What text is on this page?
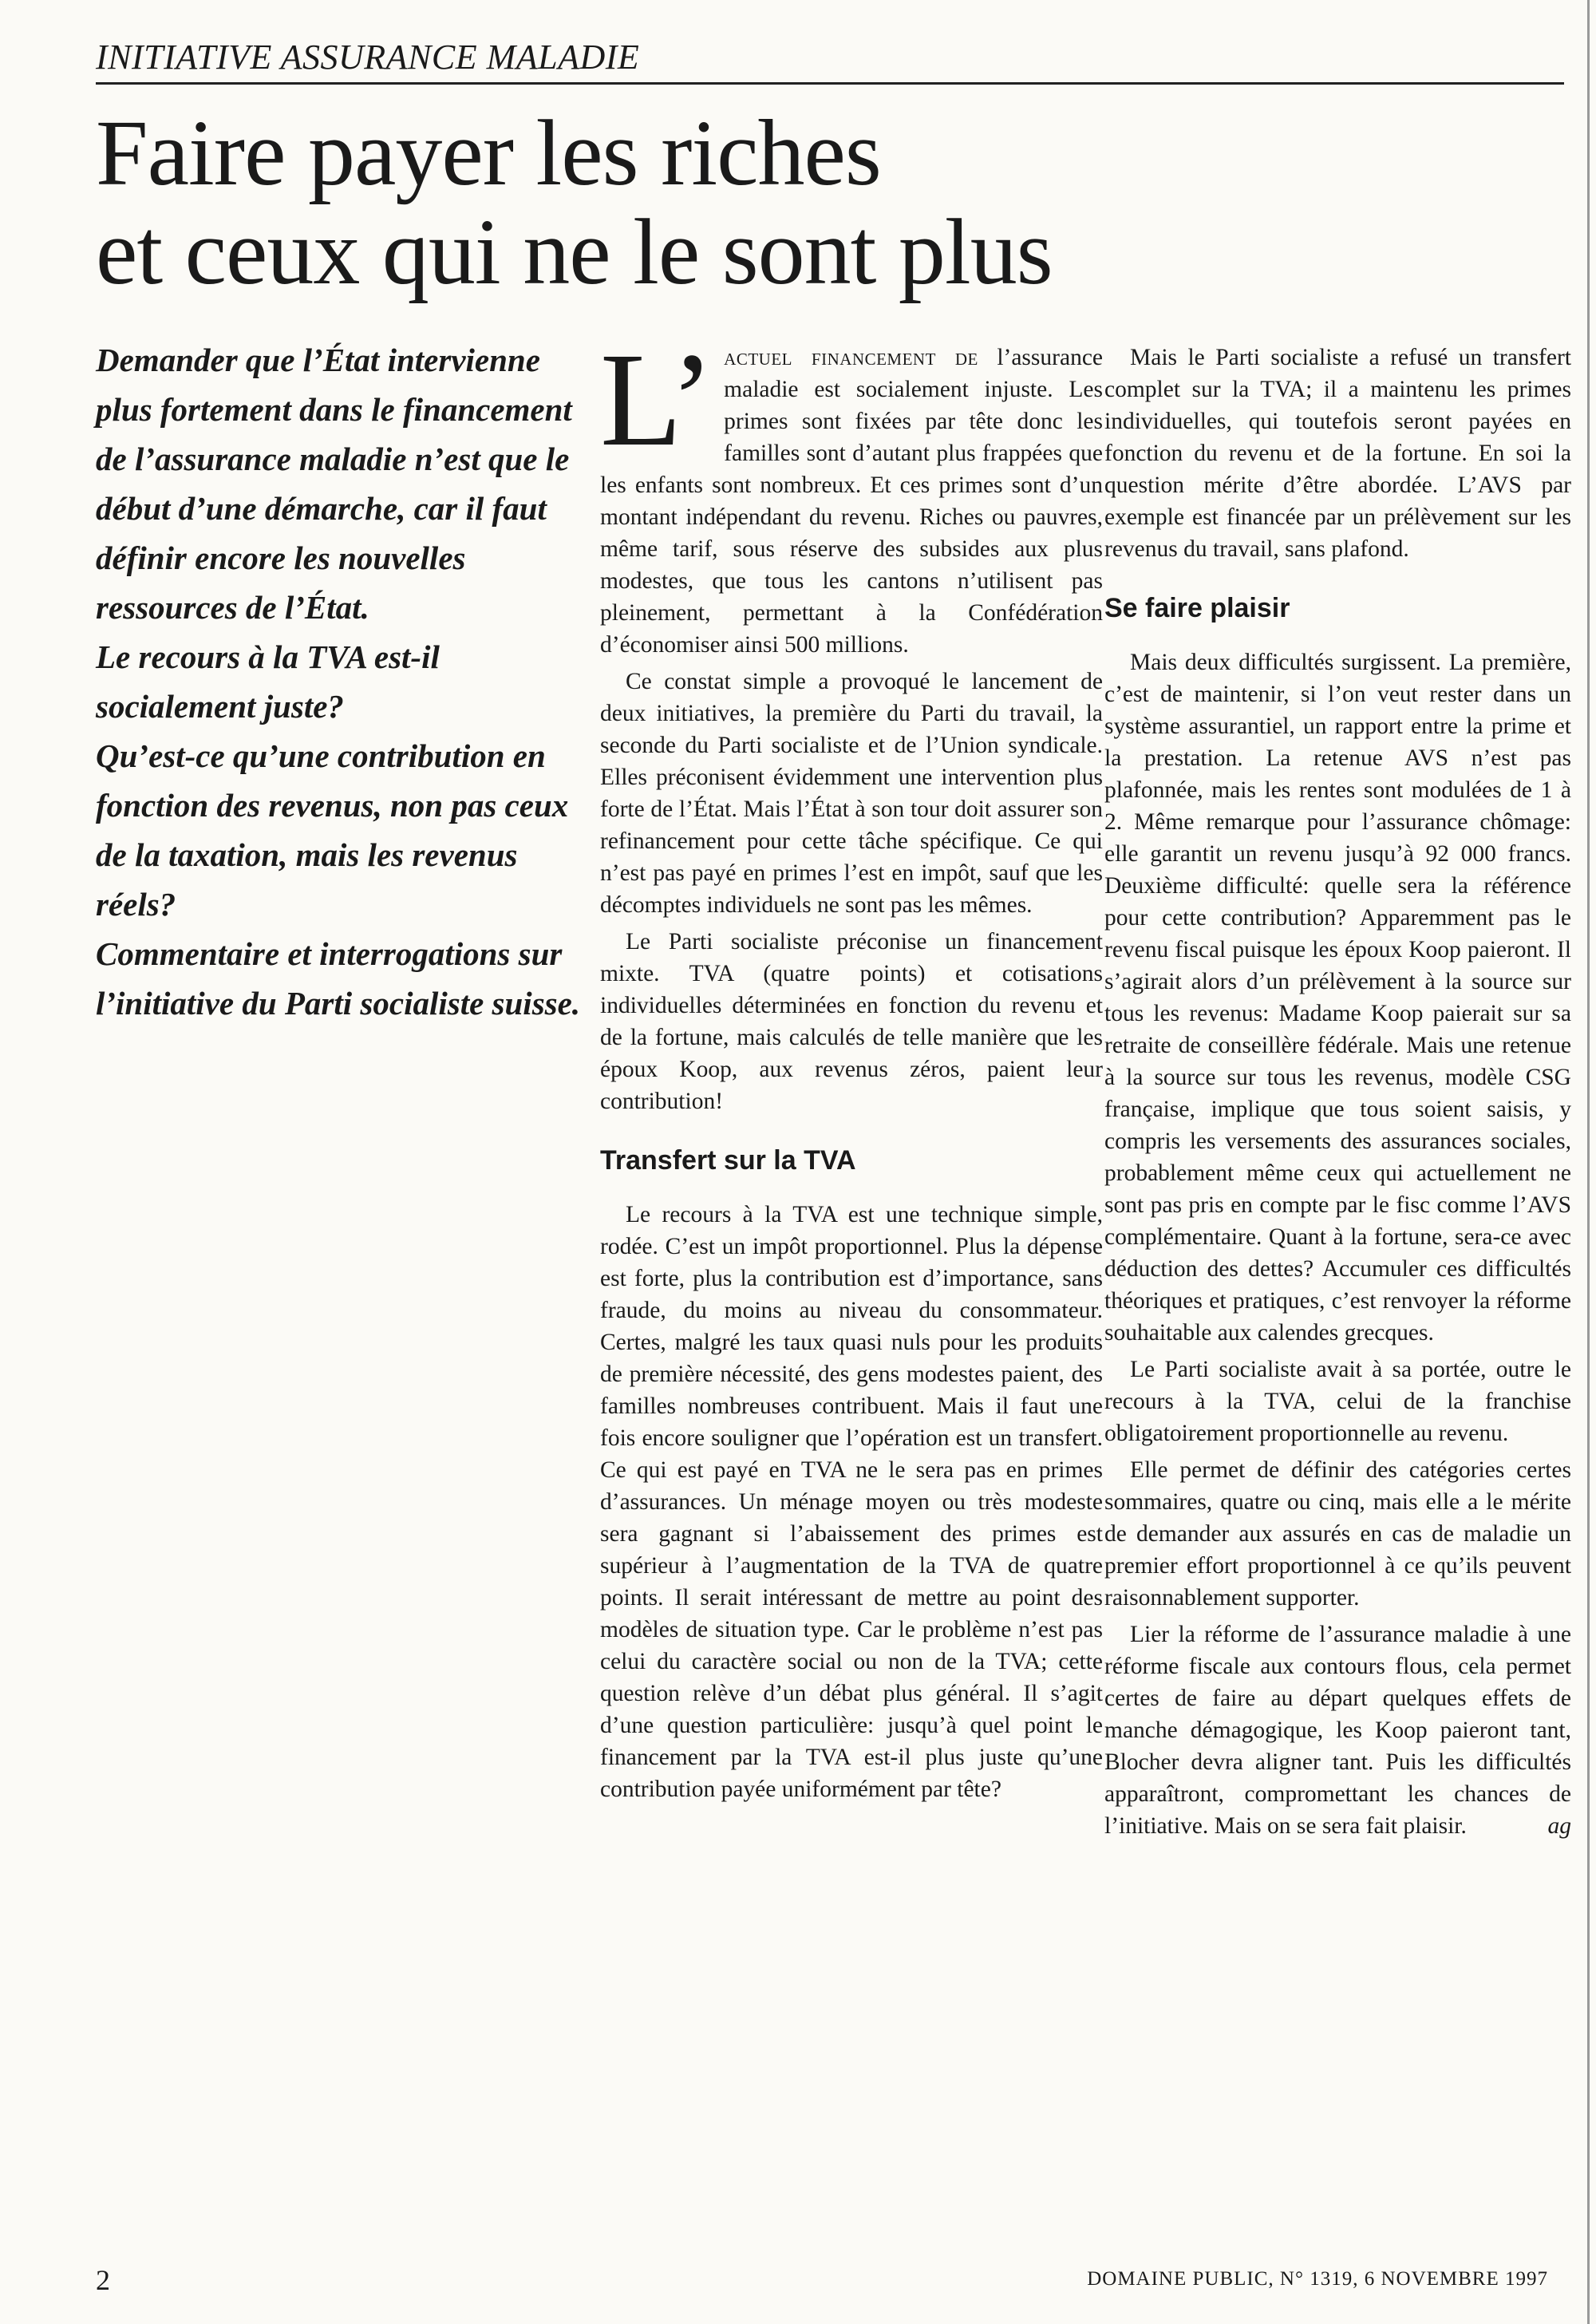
INITIATIVE ASSURANCE MALADIE
Faire payer les riches
et ceux qui ne le sont plus

Demander que l’État intervienne plus fortement dans le financement de l’assurance maladie n’est que le début d’une démarche, car il faut définir encore les nouvelles ressources de l’État.

Le recours à la TVA est-il socialement juste?

Qu’est-ce qu’une contribution en fonction des revenus, non pas ceux de la taxation, mais les revenus réels?

Commentaire et interrogations sur l’initiative du Parti socialiste suisse.

L’ actuel financement de l’assurance maladie est socialement injuste. Les primes sont fixées par tête donc les familles sont d’autant plus frappées que les enfants sont nombreux. Et ces primes sont d’un montant indépendant du revenu. Riches ou pauvres, même tarif, sous réserve des subsides aux plus modestes, que tous les cantons n’utilisent pas pleinement, permettant à la Confédération d’économiser ainsi 500 millions.

Ce constat simple a provoqué le lancement de deux initiatives, la première du Parti du travail, la seconde du Parti socialiste et de l’Union syndicale. Elles préconisent évidemment une intervention plus forte de l’État. Mais l’État à son tour doit assurer son refinancement pour cette tâche spécifique. Ce qui n’est pas payé en primes l’est en impôt, sauf que les décomptes individuels ne sont pas les mêmes.

Le Parti socialiste préconise un financement mixte. TVA (quatre points) et cotisations individuelles déterminées en fonction du revenu et de la fortune, mais calculés de telle manière que les époux Koop, aux revenus zéros, paient leur contribution!

Transfert sur la TVA

Le recours à la TVA est une technique simple, rodée. C’est un impôt proportionnel. Plus la dépense est forte, plus la contribution est d’importance, sans fraude, du moins au niveau du consommateur. Certes, malgré les taux quasi nuls pour les produits de première nécessité, des gens modestes paient, des familles nombreuses contribuent. Mais il faut une fois encore souligner que l’opération est un transfert. Ce qui est payé en TVA ne le sera pas en primes d’assurances. Un ménage moyen ou très modeste sera gagnant si l’abaissement des primes est supérieur à l’augmentation de la TVA de quatre points. Il serait intéressant de mettre au point des modèles de situation type. Car le problème n’est pas celui du caractère social ou non de la TVA; cette question relève d’un débat plus général. Il s’agit d’une question particulière: jusqu’à quel point le financement par la TVA est-il plus juste qu’une contribution payée uniformément par tête?

Mais le Parti socialiste a refusé un transfert complet sur la TVA; il a maintenu les primes individuelles, qui toutefois seront payées en fonction du revenu et de la fortune. En soi la question mérite d’être abordée. L’AVS par exemple est financée par un prélèvement sur les revenus du travail, sans plafond.

Se faire plaisir

Mais deux difficultés surgissent. La première, c’est de maintenir, si l’on veut rester dans un système assurantiel, un rapport entre la prime et la prestation. La retenue AVS n’est pas plafonnée, mais les rentes sont modulées de 1 à 2. Même remarque pour l’assurance chômage: elle garantit un revenu jusqu’à 92 000 francs. Deuxième difficulté: quelle sera la référence pour cette contribution? Apparemment pas le revenu fiscal puisque les époux Koop paieront. Il s’agirait alors d’un prélèvement à la source sur tous les revenus: Madame Koop paierait sur sa retraite de conseillère fédérale. Mais une retenue à la source sur tous les revenus, modèle CSG française, implique que tous soient saisis, y compris les versements des assurances sociales, probablement même ceux qui actuellement ne sont pas pris en compte par le fisc comme l’AVS complémentaire. Quant à la fortune, sera-ce avec déduction des dettes? Accumuler ces difficultés théoriques et pratiques, c’est renvoyer la réforme souhaitable aux calendes grecques.

Le Parti socialiste avait à sa portée, outre le recours à la TVA, celui de la franchise obligatoirement proportionnelle au revenu.

Elle permet de définir des catégories certes sommaires, quatre ou cinq, mais elle a le mérite de demander aux assurés en cas de maladie un premier effort proportionnel à ce qu’ils peuvent raisonnablement supporter.

Lier la réforme de l’assurance maladie à une réforme fiscale aux contours flous, cela permet certes de faire au départ quelques effets de manche démagogique, les Koop paieront tant, Blocher devra aligner tant. Puis les difficultés apparaîtront, compromettant les chances de l’initiative. Mais on se sera fait plaisir.	ag

2	DOMAINE PUBLIC, N° 1319, 6 NOVEMBRE 1997
